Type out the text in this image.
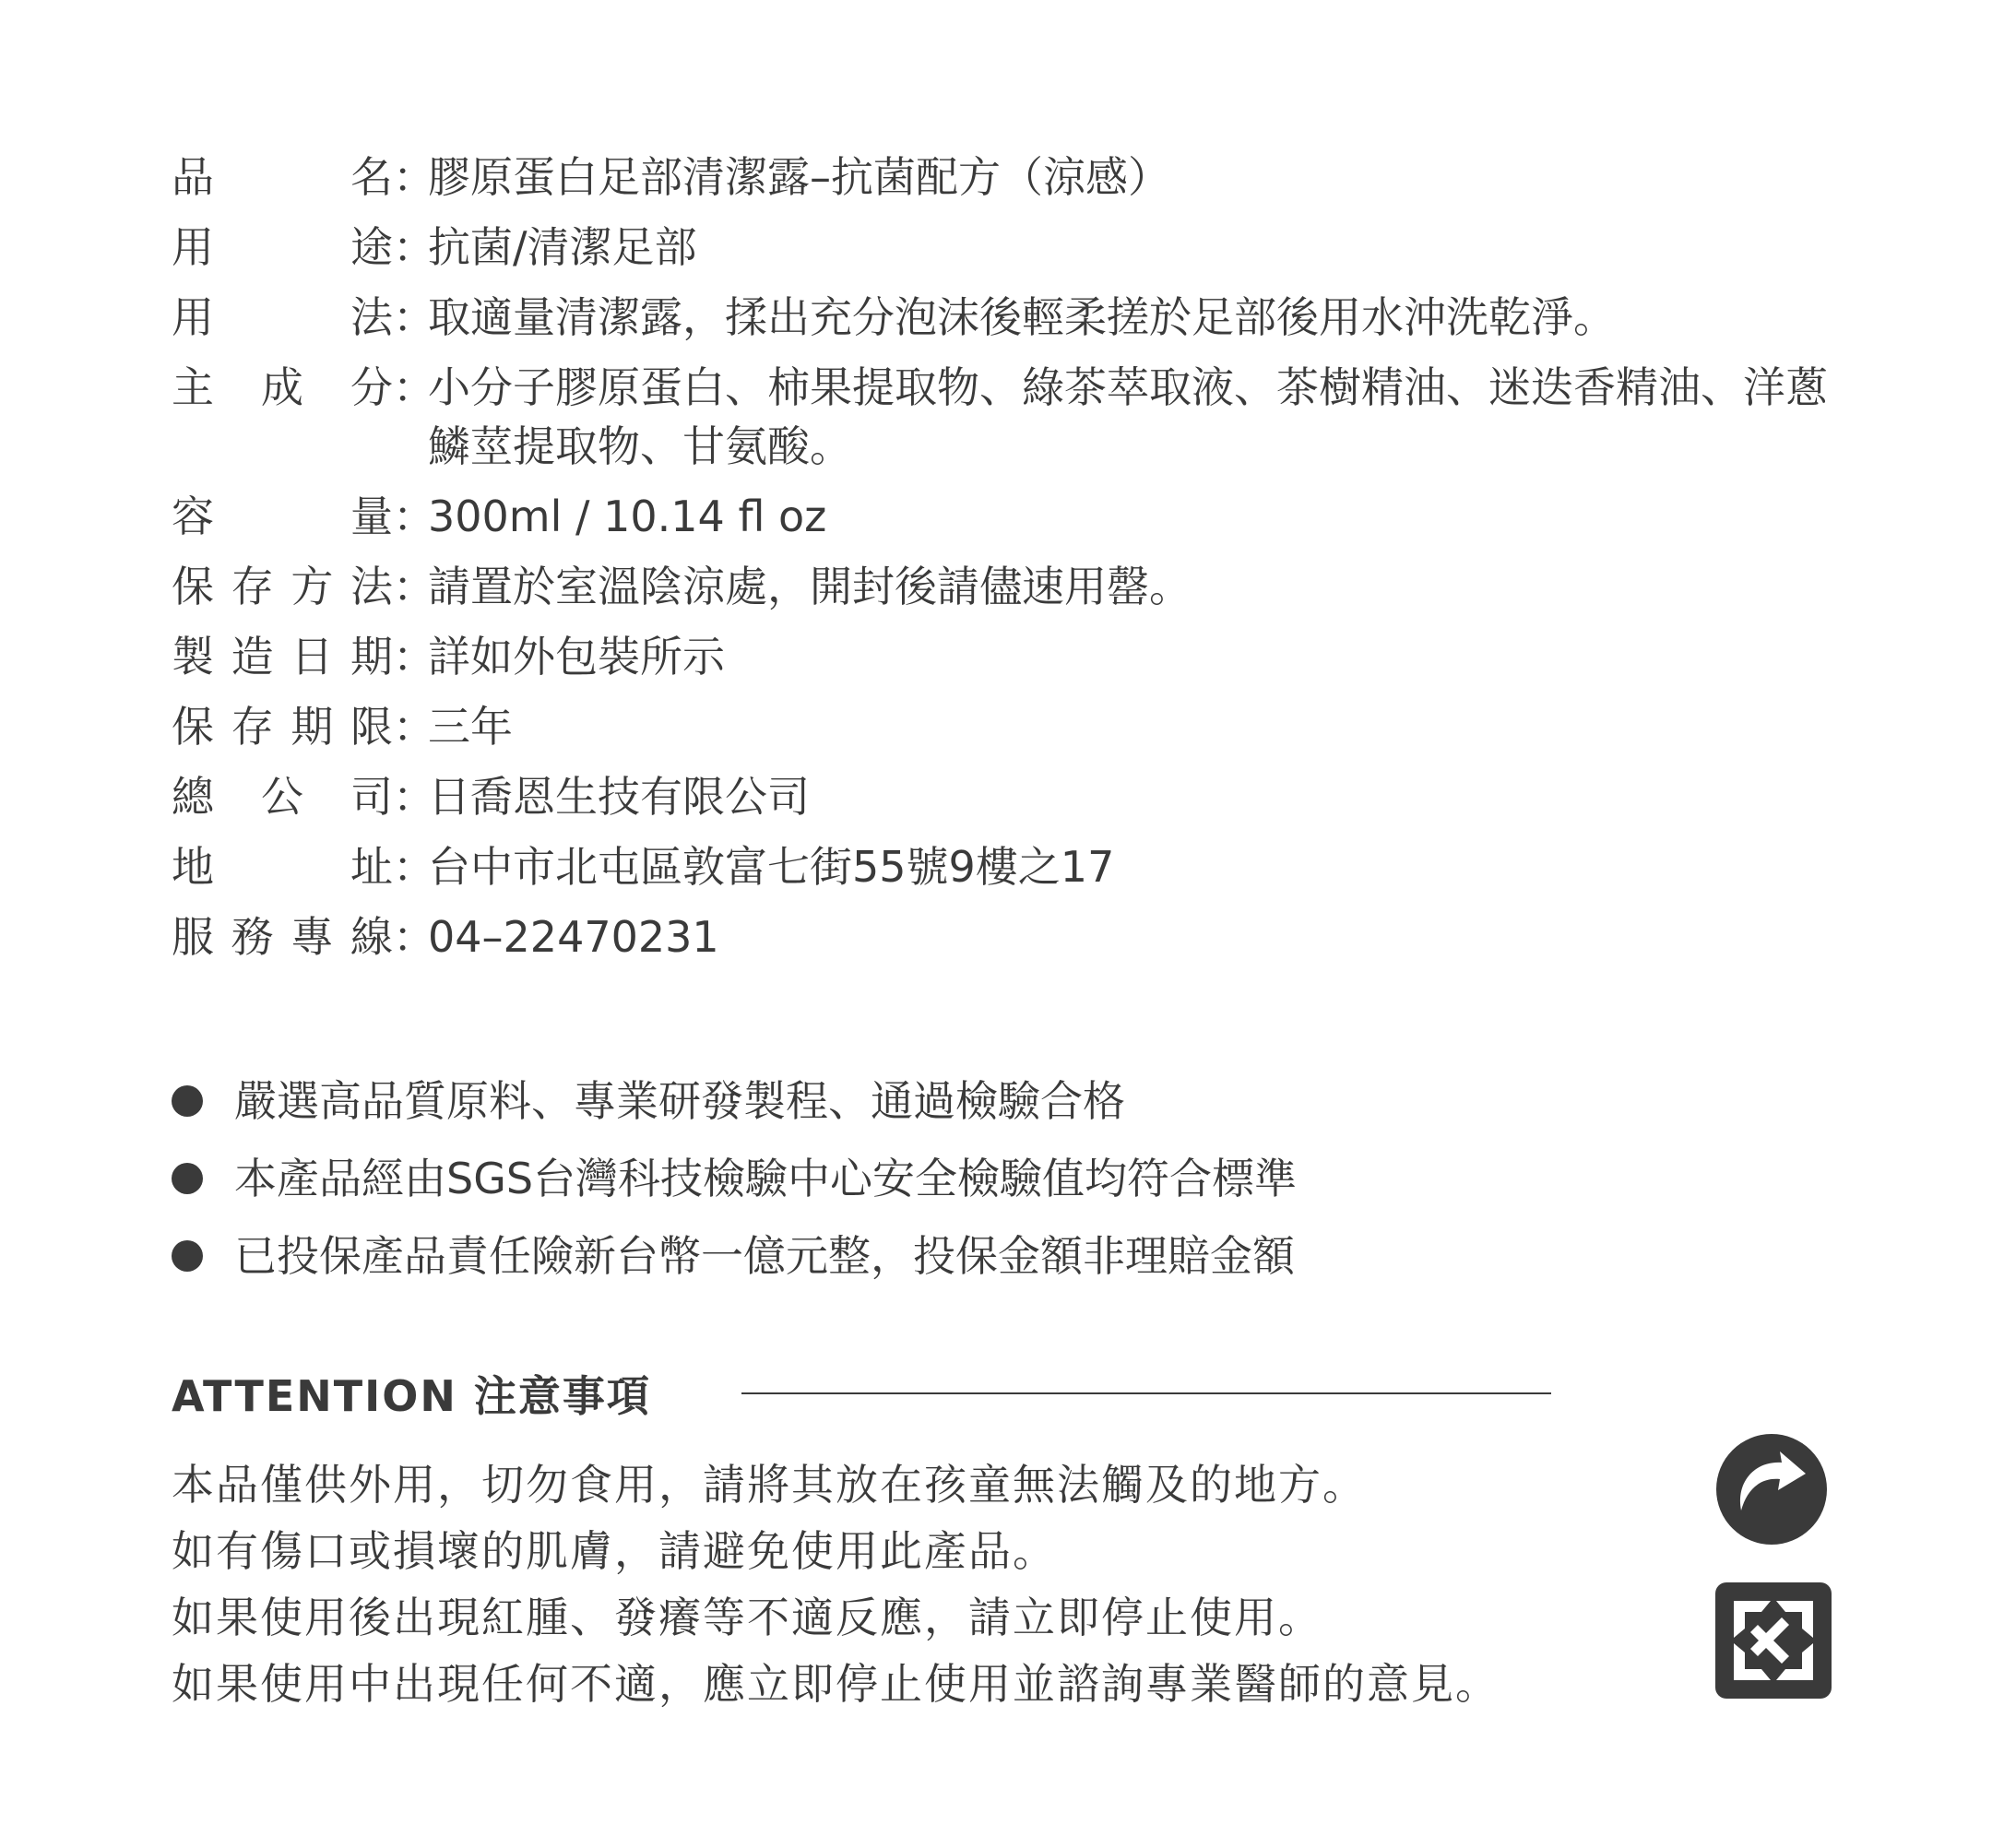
品名 ：
膠原蛋白足部清潔露–抗菌配方（涼感）
用途 ：
抗菌/清潔足部
用法 ：
取適量清潔露，揉出充分泡沫後輕柔搓於足部後用水沖洗乾淨。
主成分 ：
小分子膠原蛋白、柿果提取物、綠茶萃取液、茶樹精油、迷迭香精油、洋蔥鱗莖提取物、甘氨酸。
容量 ：
300ml / 10.14 fl oz
保存方法 ：
請置於室溫陰涼處，開封後請儘速用罄。
製造日期 ：
詳如外包裝所示
保存期限 ：
三年
總公司 ：
日喬恩生技有限公司
地址 ：
台中市北屯區敦富七街55號9樓之17
服務專線 ：
04–22470231
嚴選高品質原料、專業研發製程、通過檢驗合格
本產品經由SGS台灣科技檢驗中心安全檢驗值均符合標準
已投保產品責任險新台幣一億元整，投保金額非理賠金額
ATTENTION 注意事項
本品僅供外用，切勿食用，請將其放在孩童無法觸及的地方。
如有傷口或損壞的肌膚，請避免使用此產品。
如果使用後出現紅腫、發癢等不適反應，請立即停止使用。
如果使用中出現任何不適，應立即停止使用並諮詢專業醫師的意見。
